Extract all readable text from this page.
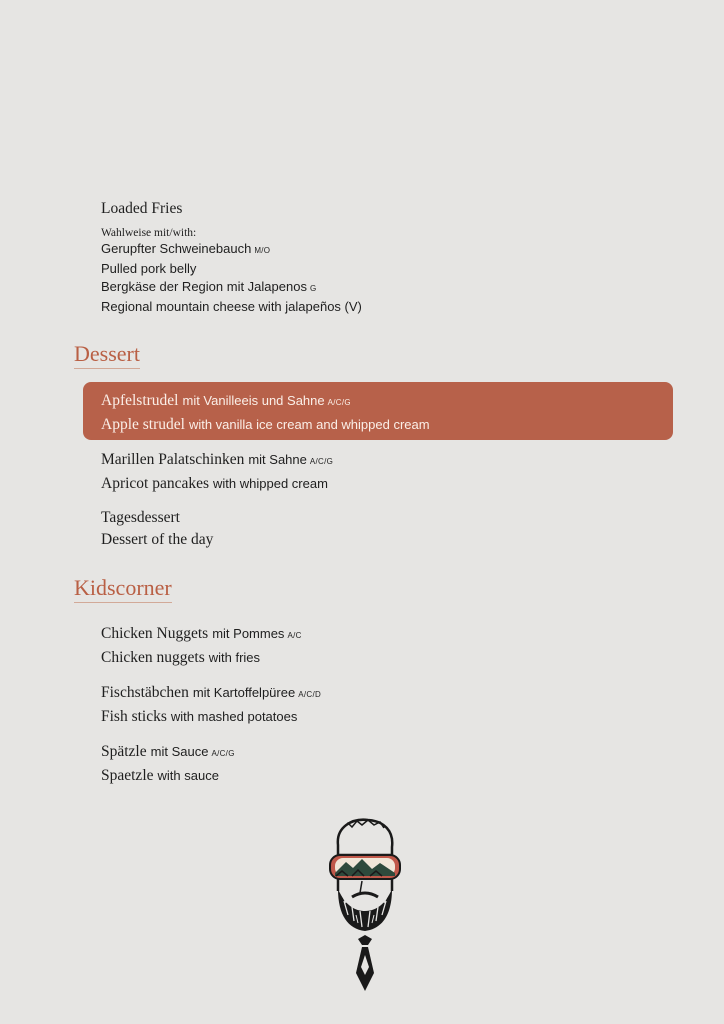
Loaded Fries
Wahlweise mit/with:
Gerupfter Schweinebauch M/O
Pulled pork belly
Bergkäse der Region mit Jalapenos G
Regional mountain cheese with jalapeños (V)
Dessert
Apfelstrudel mit Vanilleeis und Sahne A/C/G
Apple strudel with vanilla ice cream and whipped cream
Marillen Palatschinken mit Sahne A/C/G
Apricot pancakes with whipped cream
Tagesdessert
Dessert of the day
Kidscorner
Chicken Nuggets mit Pommes A/C
Chicken nuggets with fries
Fischstäbchen mit Kartoffelpüree A/C/D
Fish sticks with mashed potatoes
Spätzle mit Sauce A/C/G
Spaetzle with sauce
